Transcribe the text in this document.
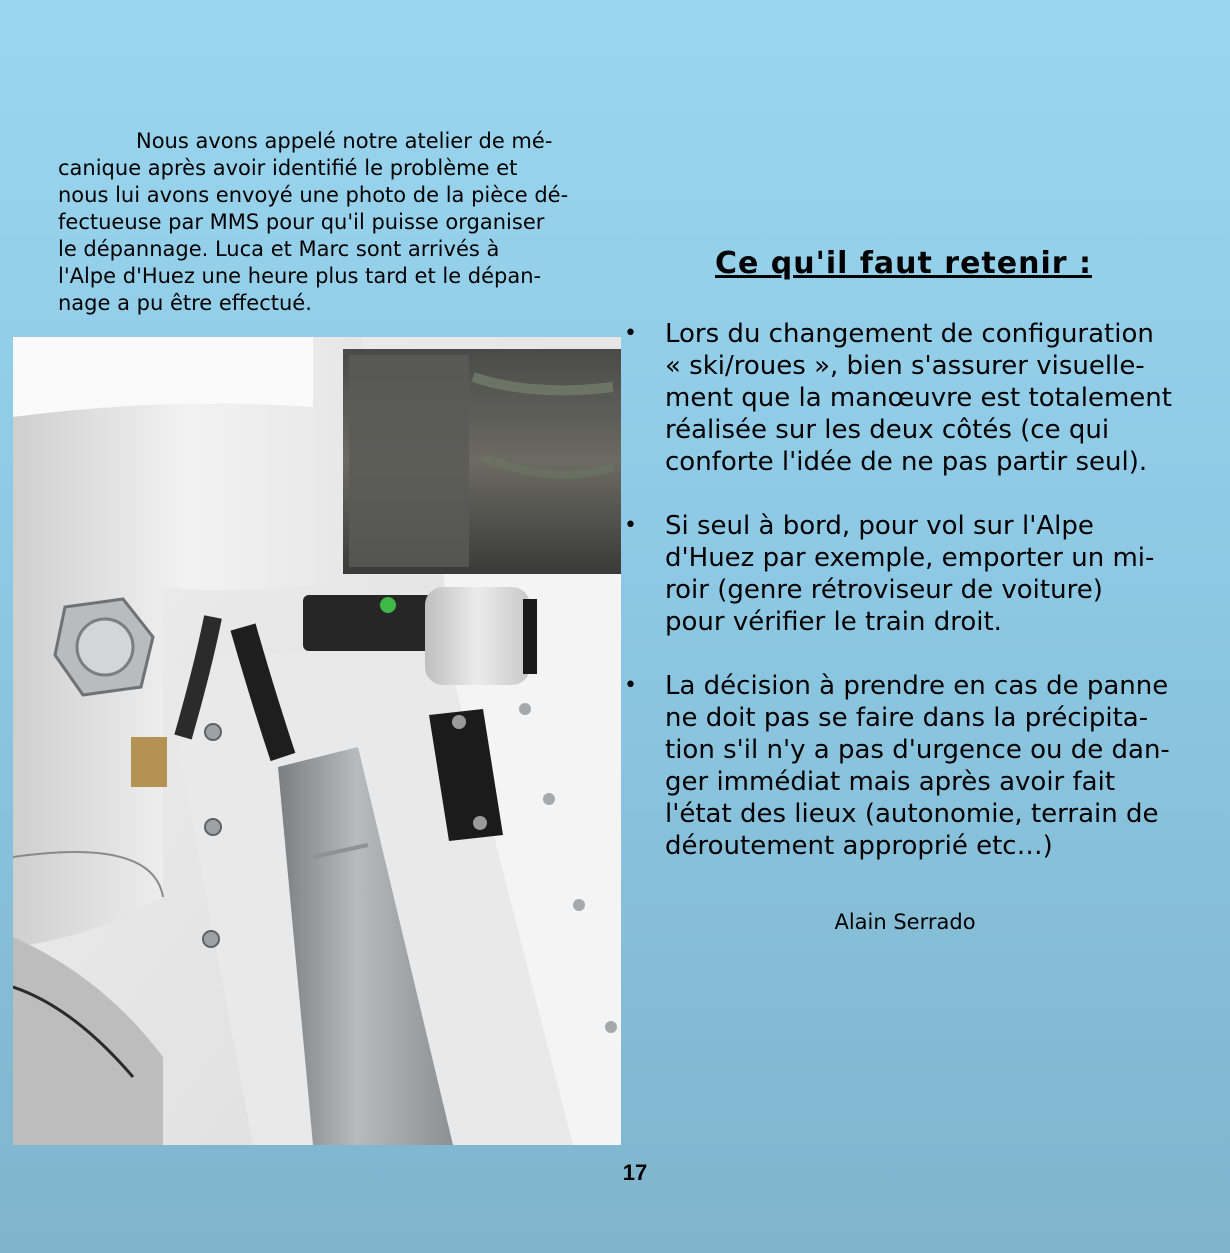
Nous avons appelé notre atelier de mé-
canique après avoir identifié le problème et
nous lui avons envoyé une photo de la pièce dé-
fectueuse par MMS pour qu'il puisse organiser
le dépannage. Luca et Marc sont arrivés à
l'Alpe d'Huez une heure plus tard et le dépan-
nage a pu être effectué.
Ce qu'il faut retenir :
• Lors du changement de configuration
« ski/roues », bien s'assurer visuelle-
ment que la manœuvre est totalement
réalisée sur les deux côtés (ce qui
conforte l'idée de ne pas partir seul).
• Si seul à bord, pour vol sur l'Alpe
d'Huez par exemple, emporter un mi-
roir (genre rétroviseur de voiture)
pour vérifier le train droit.
• La décision à prendre en cas de panne
ne doit pas se faire dans la précipita-
tion s'il n'y a pas d'urgence ou de dan-
ger immédiat mais après avoir fait
l'état des lieux (autonomie, terrain de
déroutement approprié etc…)
Alain Serrado
17
